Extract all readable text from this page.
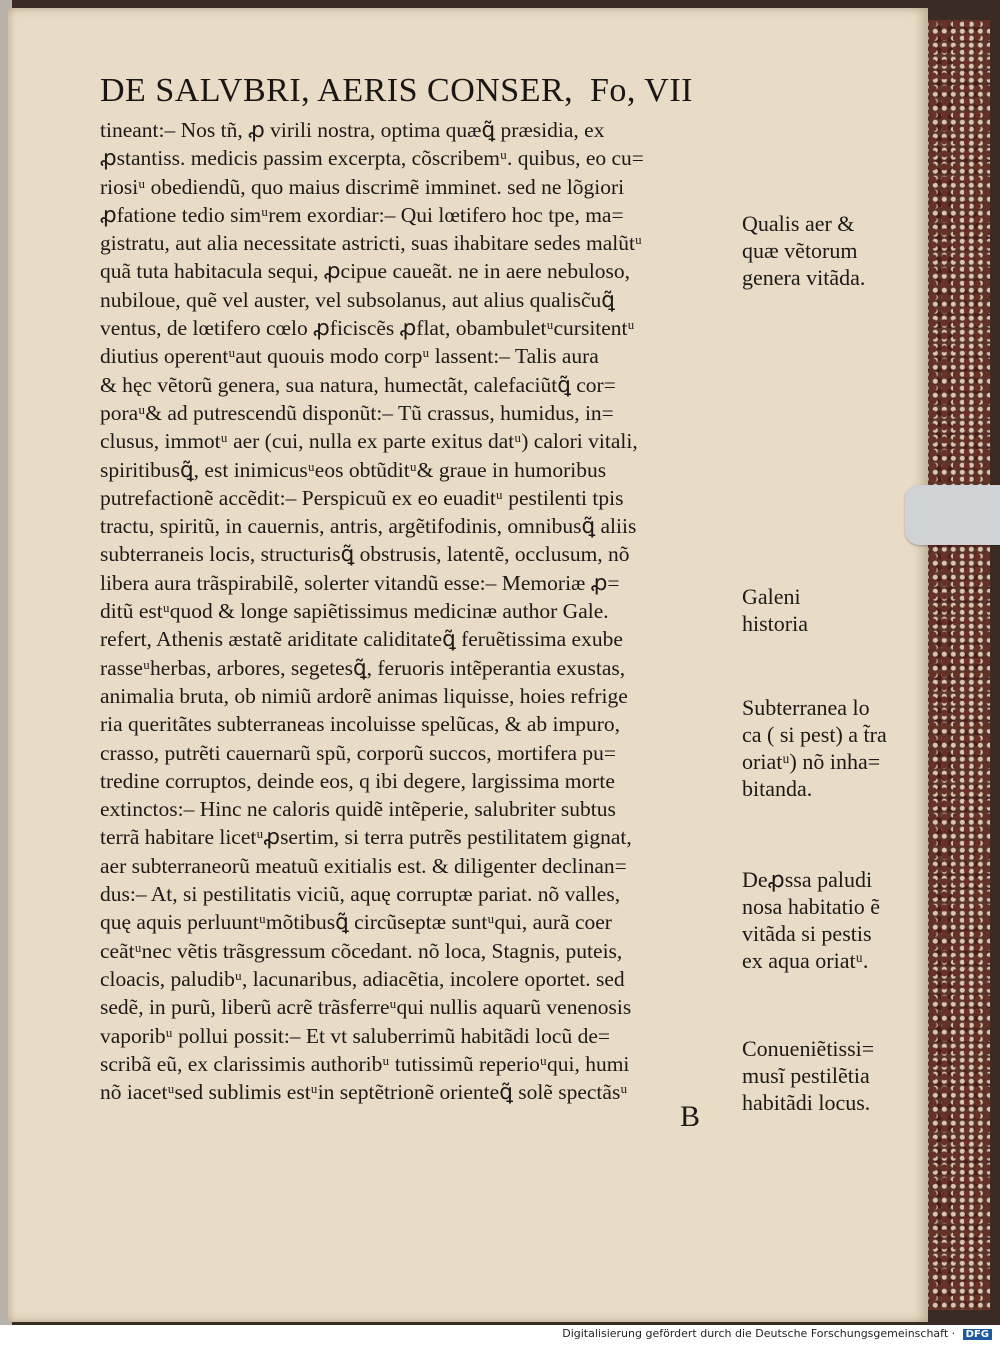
DE SALVBRI, AERIS CONSER, Fo, VII
tineant:– Nos tñ, ꝓ virili nostra, optima quæꝗ̃ præsidia, ex
ꝓstantiss. medicis passim excerpta, cõscribemᵘ. quibus, eo cu=
riosiᵘ obediendũ, quo maius discrimẽ imminet. sed ne lõgiori
ꝓfatione tedio simᵘrem exordiar:– Qui lœtifero hoc tpe, ma=
gistratu, aut alia necessitate astricti, suas ihabitare sedes malũtᵘ
quã tuta habitacula sequi, ꝓcipue caueãt. ne in aere nebuloso,
nubiloue, quẽ vel auster, vel subsolanus, aut alius qualisc̃uꝗ̃
ventus, de lœtifero cœlo ꝓficiscẽs ꝓflat, obambuletᵘcursitentᵘ
diutius operentᵘaut quouis modo corpᵘ lassent:– Talis aura
& hęc vẽtorũ genera, sua natura, humectãt, calefaciũtꝗ̃ cor=
poraᵘ& ad putrescendũ disponũt:– Tũ crassus, humidus, in=
clusus, immotᵘ aer (cui, nulla ex parte exitus datᵘ) calori vitali,
spiritibusꝗ̃, est inimicusᵘeos obtũditᵘ& graue in humoribus
putrefactionẽ accẽdit:– Perspicuũ ex eo euaditᵘ pestilenti tpis
tractu, spiritũ, in cauernis, antris, argẽtifodinis, omnibusꝗ̃ aliis
subterraneis locis, structurisꝗ̃ obstrusis, latentẽ, occlusum, nõ
libera aura trãspirabilẽ, solerter vitandũ esse:– Memoriæ ꝓ=
ditũ estᵘquod & longe sapiẽtissimus medicinæ author Gale.
refert, Athenis æstatẽ ariditate caliditateꝗ̃ feruẽtissima exube
rasseᵘherbas, arbores, segetesꝗ̃, feruoris intẽperantia exustas,
animalia bruta, ob nimiũ ardorẽ animas liquisse, hoies refrige
ria queritãtes subterraneas incoluisse spelũcas, & ab impuro,
crasso, putrẽti cauernarũ spũ, corporũ succos, mortifera pu=
tredine corruptos, deinde eos, q ibi degere, largissima morte
extinctos:– Hinc ne caloris quidẽ intẽperie, salubriter subtus
terrã habitare licetᵘꝓsertim, si terra putrẽs pestilitatem gignat,
aer subterraneorũ meatuũ exitialis est. & diligenter declinan=
dus:– At, si pestilitatis viciũ, aquę corruptæ pariat. nõ valles,
quę aquis perluuntᵘmõtibusꝗ̃ circũseptæ suntᵘqui, aurã coer
ceãtᵘnec vẽtis trãsgressum cõcedant. nõ loca, Stagnis, puteis,
cloacis, paludibᵘ, lacunaribus, adiacẽtia, incolere oportet. sed
sedẽ, in purũ, liberũ acrẽ trãsferreᵘqui nullis aquarũ venenosis
vaporibᵘ pollui possit:– Et vt saluberrimũ habitãdi locũ de=
scribã eũ, ex clarissimis authoribᵘ tutissimũ reperioᵘqui, humi
nõ iacetᵘsed sublimis estᵘin septẽtrionẽ orienteꝗ̃ solẽ spectãsᵘ
B
Qualis aer &
quæ vẽtorum
genera vitãda.
Galeni
historia
Subterranea lo
ca ( si pest) a t̃ra
oriatᵘ) nõ inha=
bitanda.
Deꝓssa paludi
nosa habitatio ẽ
vitãda si pestis
ex aqua oriatᵘ.
Conueniẽtissi=
musĩ pestilẽtia
habitãdi locus.
Digitalisierung gefördert durch die Deutsche Forschungsgemeinschaft · DFG
